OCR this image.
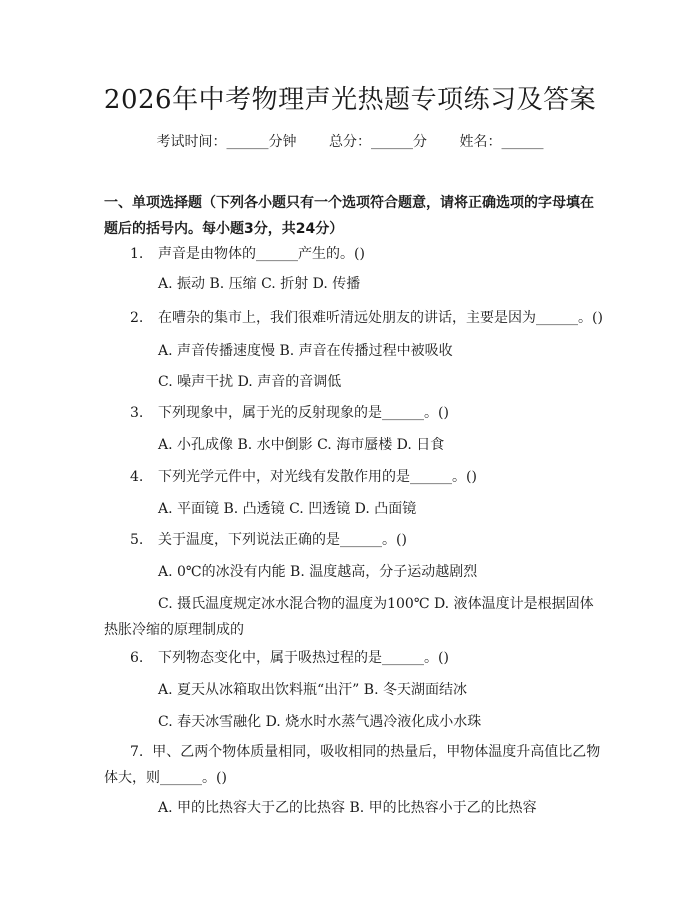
2026年中考物理声光热题专项练习及答案
考试时间：______分钟 总分：______分 姓名：______
一、单项选择题（下列各小题只有一个选项符合题意，请将正确选项的字母填在题后的括号内。每小题3分，共24分）
1. 声音是由物体的______产生的。()
A. 振动 B. 压缩 C. 折射 D. 传播
2. 在嘈杂的集市上，我们很难听清远处朋友的讲话，主要是因为______。()
A. 声音传播速度慢 B. 声音在传播过程中被吸收
C. 噪声干扰 D. 声音的音调低
3. 下列现象中，属于光的反射现象的是______。()
A. 小孔成像 B. 水中倒影 C. 海市蜃楼 D. 日食
4. 下列光学元件中，对光线有发散作用的是______。()
A. 平面镜 B. 凸透镜 C. 凹透镜 D. 凸面镜
5. 关于温度，下列说法正确的是______。()
A. 0℃的冰没有内能 B. 温度越高，分子运动越剧烈
C. 摄氏温度规定冰水混合物的温度为100℃ D. 液体温度计是根据固体热胀冷缩的原理制成的
6. 下列物态变化中，属于吸热过程的是______。()
A. 夏天从冰箱取出饮料瓶“出汗” B. 冬天湖面结冰
C. 春天冰雪融化 D. 烧水时水蒸气遇冷液化成小水珠
7. 甲、乙两个物体质量相同，吸收相同的热量后，甲物体温度升高值比乙物体大，则______。()
A. 甲的比热容大于乙的比热容 B. 甲的比热容小于乙的比热容
